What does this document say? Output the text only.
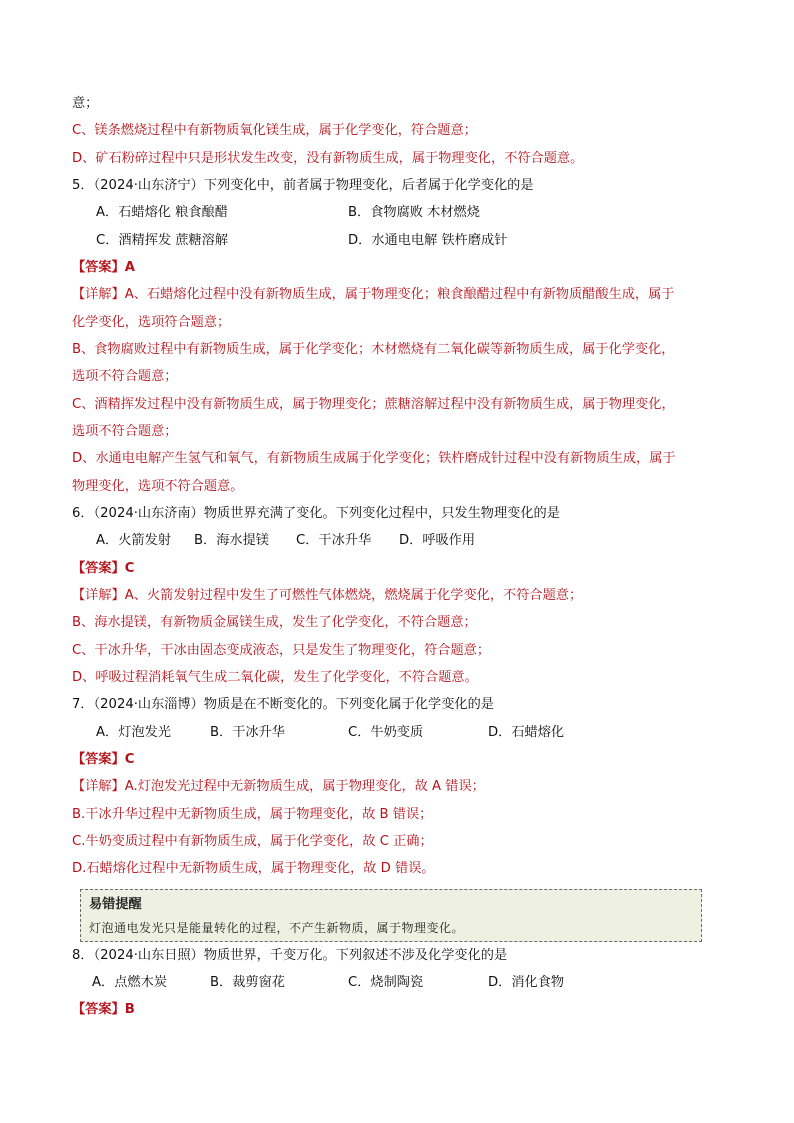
意；
C、镁条燃烧过程中有新物质氧化镁生成，属于化学变化，符合题意；
D、矿石粉碎过程中只是形状发生改变，没有新物质生成，属于物理变化，不符合题意。
5．（2024·山东济宁）下列变化中，前者属于物理变化，后者属于化学变化的是
A．石蜡熔化 粮食酿醋	B．食物腐败 木材燃烧
C．酒精挥发 蔗糖溶解	D．水通电电解 铁杵磨成针
【答案】A
【详解】A、石蜡熔化过程中没有新物质生成，属于物理变化；粮食酿醋过程中有新物质醋酸生成，属于
化学变化，选项符合题意；
B、食物腐败过程中有新物质生成，属于化学变化；木材燃烧有二氧化碳等新物质生成，属于化学变化，
选项不符合题意；
C、酒精挥发过程中没有新物质生成，属于物理变化；蔗糖溶解过程中没有新物质生成，属于物理变化，
选项不符合题意；
D、水通电电解产生氢气和氧气，有新物质生成属于化学变化；铁杵磨成针过程中没有新物质生成，属于
物理变化，选项不符合题意。
6．（2024·山东济南）物质世界充满了变化。下列变化过程中，只发生物理变化的是
A．火箭发射 B．海水提镁 C．干冰升华 D．呼吸作用
【答案】C
【详解】A、火箭发射过程中发生了可燃性气体燃烧，燃烧属于化学变化，不符合题意；
B、海水提镁，有新物质金属镁生成，发生了化学变化，不符合题意；
C、干冰升华，干冰由固态变成液态，只是发生了物理变化，符合题意；
D、呼吸过程消耗氧气生成二氧化碳，发生了化学变化，不符合题意。
7．（2024·山东淄博）物质是在不断变化的。下列变化属于化学变化的是
A．灯泡发光	B．干冰升华	C．牛奶变质	D．石蜡熔化
【答案】C
【详解】A.灯泡发光过程中无新物质生成，属于物理变化，故 A 错误；
B.干冰升华过程中无新物质生成，属于物理变化，故 B 错误；
C.牛奶变质过程中有新物质生成，属于化学变化，故 C 正确；
D.石蜡熔化过程中无新物质生成，属于物理变化，故 D 错误。
易错提醒
灯泡通电发光只是能量转化的过程，不产生新物质，属于物理变化。
8．（2024·山东日照）物质世界，千变万化。下列叙述不涉及化学变化的是
A．点燃木炭	B．裁剪窗花	C．烧制陶瓷	D．消化食物
【答案】B
